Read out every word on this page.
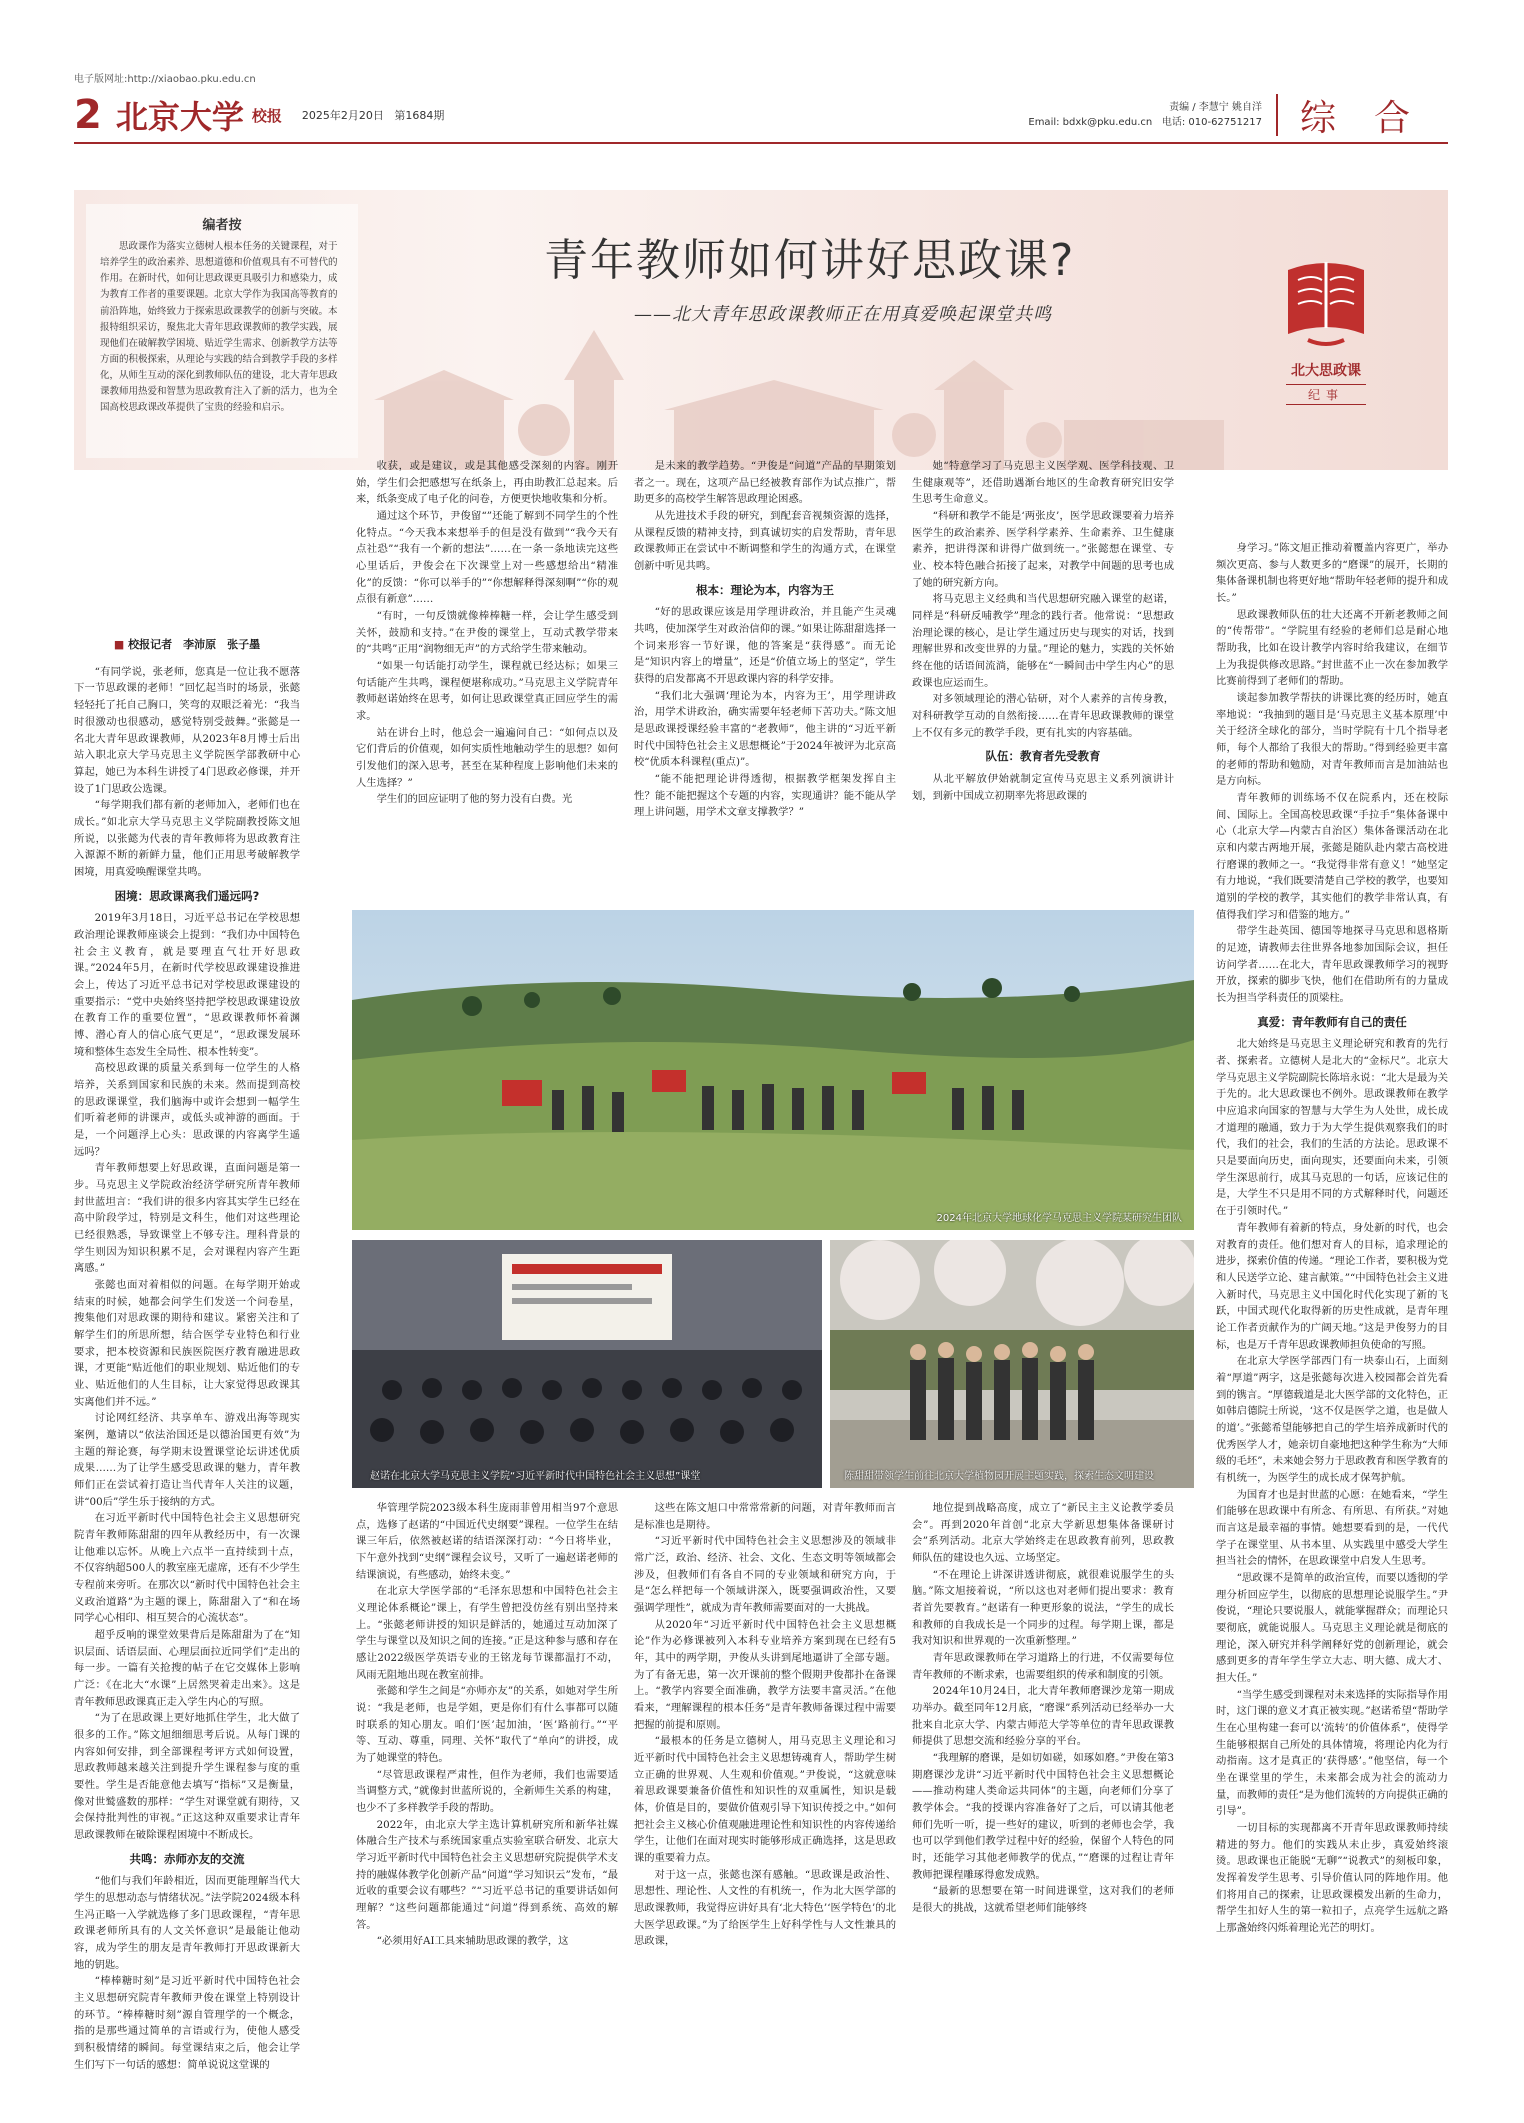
电子版网址:http://xiaobao.pku.edu.cn
2 北京大学 校报 2025年2月20日 第1684期
责编 / 李慧宁 姚自洋
Email: bdxk@pku.edu.cn 电话: 010-62751217 综合
编者按
思政课作为落实立德树人根本任务的关键课程，对于培养学生的政治素养、思想道德和价值观具有不可替代的作用。在新时代，如何让思政课更具吸引力和感染力，成为教育工作者的重要课题。北京大学作为我国高等教育的前沿阵地，始终致力于探索思政课教学的创新与突破。本报特组织采访，聚焦北大青年思政课教师的教学实践，展现他们在破解教学困境、贴近学生需求、创新教学方法等方面的积极探索，从理论与实践的结合到教学手段的多样化，从师生互动的深化到教师队伍的建设，北大青年思政课教师用热爱和智慧为思政教育注入了新的活力，也为全国高校思政课改革提供了宝贵的经验和启示。
青年教师如何讲好思政课?
——北大青年思政课教师正在用真爱唤起课堂共鸣
北大思政课
纪事
■ 校报记者　李沛原　张子墨

“有同学说，张老师，您真是一位让我不愿落下一节思政课的老师！”回忆起当时的场景，张懿轻轻托了托自己胸口，笑弯的双眼泛着光：“我当时很激动也很感动，感觉特别受鼓舞。”张懿是一名北大青年思政课教师，从2023年8月博士后出站入职北京大学马克思主义学院医学部教研中心算起，她已为本科生讲授了4门思政必修课，并开设了1门思政公选课。

“每学期我们都有新的老师加入，老师们也在成长。”如北京大学马克思主义学院副教授陈文旭所说，以张懿为代表的青年教师将为思政教育注入源源不断的新鲜力量，他们正用思考破解教学困境，用真爱唤醒课堂共鸣。

困境：思政课离我们遥远吗?

2019年3月18日，习近平总书记在学校思想政治理论课教师座谈会上提到：“我们办中国特色社会主义教育，就是要理直气壮开好思政课。”2024年5月，在新时代学校思政课建设推进会上，传达了习近平总书记对学校思政课建设的重要指示：“党中央始终坚持把学校思政课建设放在教育工作的重要位置”，“思政课教师怀着渊博、潜心育人的信心底气更足”，“思政课发展环境和整体生态发生全局性、根本性转变”。

高校思政课的质量关系到每一位学生的人格培养，关系到国家和民族的未来。然而提到高校的思政课课堂，我们脑海中或许会想到一幅学生们听着老师的讲课声，或低头或神游的画面。于是，一个问题浮上心头：思政课的内容离学生遥远吗？

青年教师想要上好思政课，直面问题是第一步。马克思主义学院政治经济学研究所青年教师封世蓝坦言：“我们讲的很多内容其实学生已经在高中阶段学过，特别是文科生，他们对这些理论已经很熟悉，导致课堂上不够专注。理科背景的学生则因为知识积累不足，会对课程内容产生距离感。”

张懿也面对着相似的问题。在每学期开始或结束的时候，她都会问学生们发送一个问卷星，搜集他们对思政课的期待和建议。紧密关注和了解学生们的所思所想，结合医学专业特色和行业要求，把本校资源和民族医院医疗教育融进思政课，才更能“贴近他们的职业规划、贴近他们的专业、贴近他们的人生目标，让大家觉得思政课其实离他们并不远。”

讨论网红经济、共享单车、游戏出海等现实案例，邀请以“依法治国还是以德治国更有效”为主题的辩论赛，每学期末设置课堂论坛讲述优质成果……为了让学生感受思政课的魅力，青年教师们正在尝试着打造让当代青年人关注的议题，讲“00后”学生乐于接纳的方式。

在习近平新时代中国特色社会主义思想研究院青年教师陈甜甜的四年从教经历中，有一次课让他难以忘怀。从晚上六点半一直持续到十点，不仅容纳超500人的教室座无虚席，还有不少学生专程前来旁听。在那次以“新时代中国特色社会主义政治道路”为主题的课上，陈甜甜入了“和在场同学心心相印、相互契合的心流状态”。

超乎反响的课堂效果背后是陈甜甜为了在“知识层面、话语层面、心理层面拉近同学们”走出的每一步。一篇有关抢搜的帖子在它交媒体上影响广泛：《在北大“水课”上居然哭着走出来》。这是青年教师思政课真正走入学生内心的写照。

“为了在思政课上更好地抓住学生，北大做了很多的工作。”陈文旭细细思考后说。从每门课的内容如何安排，到全部课程考评方式如何设置，思政教师越来越关注到提升学生课程参与度的重要性。学生是否能意他去填写“指标”又是衡量，像对世鹫盛数的那样：“学生对课堂就有期待，又会保持批判性的审视。”正这这种双重要求让青年思政课教师在破除课程困境中不断成长。

共鸣：赤师亦友的交流

“他们与我们年龄相近，因而更能理解当代大学生的思想动态与情绪状况。”法学院2024级本科生冯正略一入学就选修了多门思政课程，“青年思政课老师所具有的人文关怀意识”是最能让他动容，成为学生的朋友是青年教师打开思政课新大地的钥匙。

“棒棒糖时刻”是习近平新时代中国特色社会主义思想研究院青年教师尹俊在课堂上特别设计的环节。“棒棒糖时刻”源自管理学的一个概念，指的是那些通过简单的言语或行为，使他人感受到积极情绪的瞬间。每堂课结束之后，他会让学生们写下一句话的感想：简单说说这堂课的

收获，或是建议，或是其他感受深刻的内容。刚开始，学生们会把感想写在纸条上，再由助教汇总起来。后来，纸条变成了电子化的问卷，方便更快地收集和分析。

通过这个环节，尹俊留“”还能了解到不同学生的个性化特点。“今天我本来想举手的但是没有做到”“我今天有点社恐”“我有一个新的想法”……在一条一条地读完这些心里话后，尹俊会在下次课堂上对一些感想给出“精准化”的反馈：“你可以举手的”“你想解释得深刻啊”“你的观点很有新意”……

“有时，一句反馈就像棒棒糖一样，会让学生感受到关怀，鼓励和支持。”在尹俊的课堂上，互动式教学带来的“共鸣”正用“润物细无声”的方式给学生带来触动。

“如果一句话能打动学生，课程就已经达标；如果三句话能产生共鸣，课程便堪称成功。”马克思主义学院青年教师赵诺始终在思考，如何让思政课堂真正回应学生的需求。

站在讲台上时，他总会一遍遍问自己：“如何点以及它们背后的价值观，如何实质性地触动学生的思想？如何引发他们的深入思考，甚至在某种程度上影响他们未来的人生选择？”

学生们的回应证明了他的努力没有白费。光

是未来的教学趋势。“尹俊是“问道”产品的早期策划者之一。现在，这项产品已经被教育部作为试点推广，帮助更多的高校学生解答思政理论困惑。

从先进技术手段的研究，到配套音视频资源的选择，从课程反馈的精神支持，到真诚切实的启发帮助，青年思政课教师正在尝试中不断调整和学生的沟通方式，在课堂创新中听见共鸣。

根本：理论为本，内容为王

“好的思政课应该是用学理讲政治，并且能产生灵魂共鸣，使加深学生对政治信仰的课。”如果让陈甜甜选择一个词来形容一节好课，他的答案是“获得感”。而无论是“知识内容上的增量”，还是“价值立场上的坚定”，学生获得的启发都离不开思政课内容的科学安排。

“我们北大强调‘理论为本，内容为王’，用学理讲政治，用学术讲政治，确实需要年轻老师下苦功夫。”陈文旭是思政课授课经验丰富的“老教师”，他主讲的“习近平新时代中国特色社会主义思想概论”于2024年被评为北京高校“优质本科课程(重点)”。

“能不能把理论讲得透彻，根据教学框架发挥自主性？能不能把握这个专题的内容，实现通讲？能不能从学理上讲问题，用学术文章支撑教学？”

她“特意学习了马克思主义医学观、医学科技观、卫生健康观等”，还借助遇渐台地区的生命教育研究旧安学生思考生命意义。

“科研和教学不能是‘两张皮’，医学思政课要着力培养医学生的政治素养、医学科学素养、生命素养、卫生健康素养，把讲得深和讲得广做到统一。”张懿想在课堂、专业、校本特色融合拓接了起来，对教学中间题的思考也成了她的研究新方向。

将马克思主义经典和当代思想研究融入课堂的赵诺，同样是“科研反哺教学”理念的践行者。他常说：“思想政治理论课的核心，是让学生通过历史与现实的对话，找到理解世界和改变世界的力量。”理论的魅力，实践的关怀始终在他的话语间流淌，能够在“一瞬间击中学生内心”的思政课也应运而生。

对多领域理论的潜心钻研，对个人素养的言传身教，对科研教学互动的自然衔接……在青年思政课教师的课堂上不仅有多元的教学手段，更有扎实的内容基础。

队伍：教育者先受教育

从北平解放伊始就制定宣传马克思主义系列演讲计划，到新中国成立初期率先将思政课的

身学习。”陈文旭正推动着覆盖内容更广，举办频次更高、参与人数更多的“磨课”的展开，长期的集体备课机制也将更好地“帮助年轻老师的提升和成长。”

思政课教师队伍的壮大还离不开新老教师之间的“传帮带”。“学院里有经验的老师们总是耐心地帮助我，比如在设计教学内容时给我建议，在细节上为我提供修改思路。”封世蓝不止一次在参加教学比赛前得到了老师们的帮助。

谈起参加教学帮扶的讲课比赛的经历时，她直率地说：“我抽到的题目是‘马克思主义基本原理’中关于经济全球化的部分，当时学院有十几个指导老师，每个人都给了我很大的帮助。”得到经验更丰富的老师的帮助和勉励，对青年教师而言是加油站也是方向标。

青年教师的训练场不仅在院系内，还在校际间、国际上。全国高校思政课“手拉手”集体备课中心（北京大学—内蒙古自治区）集体备课活动在北京和内蒙古两地开展，张懿是随队赴内蒙古高校进行磨课的教师之一。“我觉得非常有意义！”她坚定有力地说，“我们既要清楚自己学校的教学，也要知道别的学校的教学，其实他们的教学非常认真，有值得我们学习和借鉴的地方。”

带学生赴英国、德国等地探寻马克思和恩格斯的足迹，请教师去往世界各地参加国际会议，担任访问学者……在北大，青年思政课教师学习的视野开放，探索的脚步飞快，他们在借助所有的力量成长为担当学科责任的顶梁柱。

真爱：青年教师有自己的责任

北大始终是马克思主义理论研究和教育的先行者、探索者。立德树人是北大的“金标尺”。北京大学马克思主义学院副院长陈培永说：“北大是最为关于先的。北大思政课也不例外。思政课教师在教学中应追求向国家的智慧与大学生为人处世，成长成才道理的融通，致力于为大学生提供观察我们的时代，我们的社会，我们的生活的方法论。思政课不只是要面向历史，面向现实，还要面向未来，引领学生深思前行，成其马克思的一句话，应该记住的是，大学生不只是用不同的方式解释时代，问题还在于引领时代。”

青年教师有着新的特点，身处新的时代，也会对教育的责任。他们想对育人的目标，追求理论的进步，探索价值的传递。“理论工作者，要积极为党和人民送学立论、建言献策。”“中国特色社会主义进入新时代，马克思主义中国化时代化实现了新的飞跃，中国式现代化取得新的历史性成就，是青年理论工作者贡献作为的广阔天地。”这是尹俊努力的目标，也是万千青年思政课教师担负使命的写照。

在北京大学医学部西门有一块泰山石，上面刻着“厚道”两字，这是张懿每次进入校园都会首先看到的镌言。“厚德载道是北大医学部的文化特色，正如韩启德院士所说，‘这不仅是医学之道，也是做人的道’。”张懿希望能够把自己的学生培养成新时代的优秀医学人才，她亲切自豪地把这种学生称为“大师级的毛坯”，未来她会努力于思政教育和医学教育的有机统一，为医学生的成长成才保驾护航。

为国育才也是封世蓝的心愿：在她看来，“学生们能够在思政课中有所念、有所思、有所获。”对她而言这是最幸福的事情。她想要看到的是，一代代学子在课堂里、从书本里、从实践里中感受大学生担当社会的情怀，在思政课堂中启发人生思考。

“思政课不是简单的政治宣传，而要以透彻的学理分析回应学生，以彻底的思想理论说服学生。”尹俊说，“理论只要说服人，就能掌握群众；而理论只要彻底，就能说服人。马克思主义理论就是彻底的理论，深入研究并科学阐释好党的创新理论，就会感到更多的青年学生学立大志、明大德、成大才、担大任。”

“当学生感受到课程对未来选择的实际指导作用时，这门课的意义才真正被实现。”赵诺希望“帮助学生在心里构建一套可以‘流转’的价值体系”，使得学生能够根据自己所处的具体情境，将理论内化为行动指南。这才是真正的‘获得感’。”他坚信，每一个坐在课堂里的学生，未来都会成为社会的流动力量，而教师的责任“是为他们流转的方向提供正确的引导”。

一切目标的实现都离不开青年思政课教师持续精进的努力。他们的实践从未止步，真爱始终滚烫。思政课也正能脱“无聊”“说教式”的刻板印象，发挥着发学生思考、引导价值认同的阵地作用。他们将用自己的探索，让思政课模发出新的生命力，帮学生扣好人生的第一粒扣子，点亮学生远航之路上那盏始终闪烁着理论光芒的明灯。

2024年北京大学地球化学马克思主义学院某研究生团队
赵诺在北京大学马克思主义学院“习近平新时代中国特色社会主义思想”课堂	陈甜甜带领学生前往北京大学植物园开展主题实践，探索生态文明建设

华管理学院2023级本科生庞雨菲曾用相当97个意思点，选修了赵诺的“中国近代史纲要”课程。一位学生在结课三年后，依然被赵诺的结语深深打动：“今日将毕业，下午意外找到“史纲”课程会议号，又听了一遍赵诺老师的结课演说，有些感动，始终未变。”

在北京大学医学部的“毛泽东思想和中国特色社会主义理论体系概论”课上，有学生曾把没仿丝有别出坚持来上。“张懿老师讲授的知识是鲜活的，她通过互动加深了学生与课堂以及知识之间的连接。”正是这种参与感和存在感让2022级医学英语专业的王铭龙每节课都温打不动，风雨无阻地出现在教室前排。

张懿和学生之间是“亦师亦友”的关系，如她对学生所说：“我是老师，也是学姐，更是你们有什么事都可以随时联系的知心朋友。咱们‘医’起加油，‘医’路前行。”“平等、互动、尊重，同理、关怀”取代了“单向”的讲授，成为了她课堂的特色。

“尽管思政课程严肃性，但作为老师，我们也需要适当调整方式，”就像封世蓝所说的，全新师生关系的构建，也少不了多样教学手段的帮助。

2022年，由北京大学主选计算机研究所和新华社媒体融合生产技术与系统国家重点实验室联合研发、北京大学习近平新时代中国特色社会主义思想研究院提供学术支持的融媒体教学化创新产品“问道”学习知识云”发布，“最近收的重要会议有哪些？”“习近平总书记的重要讲话如何理解？”这些问题都能通过“问道”得到系统、高效的解答。

“必须用好AI工具来辅助思政课的教学，这

这些在陈文旭口中常常常新的问题，对青年教师而言是标准也是期待。

“习近平新时代中国特色社会主义思想涉及的领域非常广泛，政治、经济、社会、文化、生态文明等领域都会涉及，但教师们有各自不同的专业领域和研究方向，于是“怎么样把每一个领域讲深入，既要强调政治性，又要强调学理性”，就成为青年教师需要面对的一大挑战。

从2020年“习近平新时代中国特色社会主义思想概论”作为必修课被列入本科专业培养方案到现在已经有5年，其中的两学期，尹俊从头讲到尾地逼讲了全部专题。为了有备无患，第一次开课前的整个假期尹俊都扑在备课上。“教学内容要全面准确，教学方法要丰富灵活。”在他看来，“理解课程的根本任务”是青年教师备课过程中需要把握的前提和原则。

“最根本的任务是立德树人，用马克思主义理论和习近平新时代中国特色社会主义思想铸魂育人，帮助学生树立正确的世界观、人生观和价值观。”尹俊说，“这就意味着思政课要兼备价值性和知识性的双重属性，知识是载体，价值是目的，要做价值观引导下知识传授之中。”如何把社会主义核心价值观融进理论性和知识性的内容传递给学生，让他们在面对现实时能够形成正确选择，这是思政课的重要着力点。

对于这一点，张懿也深有感触。“思政课是政治性、思想性、理论性、人文性的有机统一，作为北大医学部的思政课教师，我觉得应讲好具有‘北大特色’‘医学特色’的北大医学思政课。”为了给医学生上好科学性与人文性兼具的思政课，

地位提到战略高度，成立了“新民主主义论教学委员会”。再到2020年首创“北京大学新思想集体备课研讨会”系列活动。北京大学始终走在思政教育前列，思政教师队伍的建设也久远、立场坚定。

“不在理论上讲深讲透讲彻底，就很难说服学生的头脑。”陈文旭接着说，“所以这也对老师们提出要求：教育者首先要教育。”赵诺有一种更形象的说法，“学生的成长和教师的自我成长是一个同步的过程。每学期上课，都是我对知识和世界观的一次重新整理。”

青年思政课教师在学习道路上的行进，不仅需要每位青年教师的不断求索，也需要组织的传承和制度的引领。

2024年10月24日，北大青年教师磨课沙龙第一期成功举办。截至同年12月底，“磨课”系列活动已经举办一大批来自北京大学、内蒙古师范大学等单位的青年思政课教师提供了思想交流和经验分享的平台。

“我理解的磨课，是如切如磋，如琢如磨。”尹俊在第3期磨课沙龙讲“习近平新时代中国特色社会主义思想概论——推动构建人类命运共同体”的主题，向老师们分享了教学体会。“我的授课内容准备好了之后，可以请其他老师们先听一听，提一些好的建议，听到的老师也会学，我也可以学到他们教学过程中好的经验，保留个人特色的同时，还能学习其他老师教学的优点，”“磨课的过程让青年教师把课程雕琢得愈发成熟。

“最新的思想要在第一时间进课堂，这对我们的老师是很大的挑战，这就希望老师们能够终
